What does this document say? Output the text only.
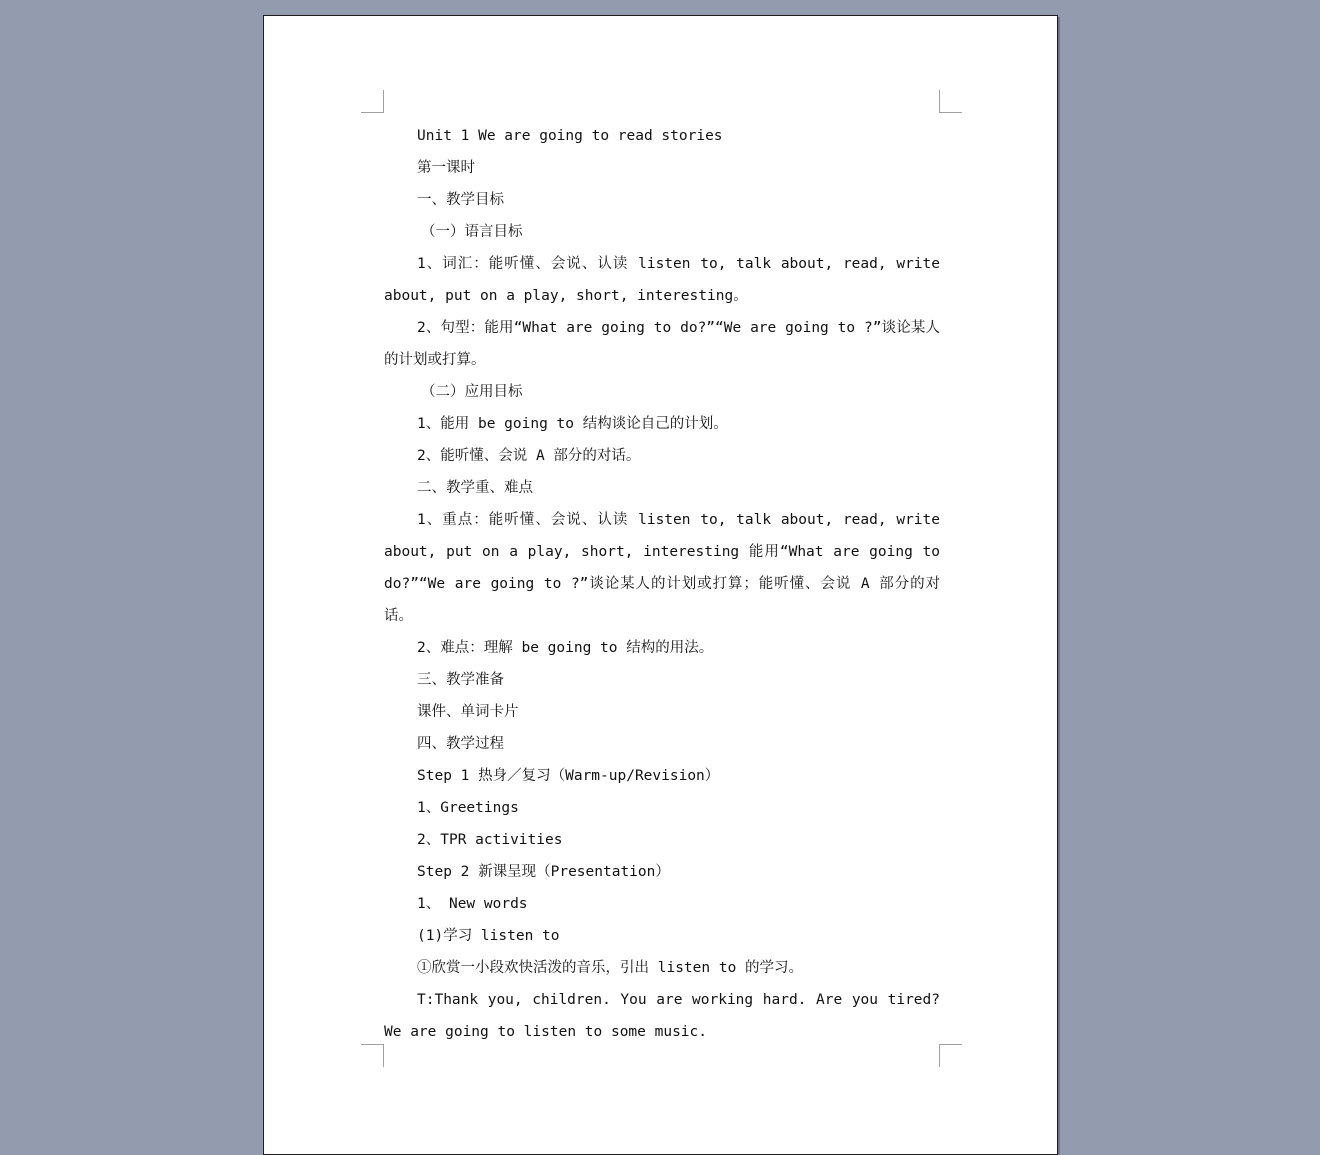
Unit 1 We are going to read stories

第一课时

一、教学目标

（一）语言目标

1、词汇：能听懂、会说、认读 listen to, talk about, read, write about, put on a play, short, interesting。

2、句型：能用“What are going to do?”“We are going to ?”谈论某人的计划或打算。

（二）应用目标

1、能用 be going to 结构谈论自己的计划。

2、能听懂、会说 A 部分的对话。

二、教学重、难点

1、重点：能听懂、会说、认读 listen to, talk about, read, write about, put on a play, short, interesting 能用“What are going to do?”“We are going to ?”谈论某人的计划或打算；能听懂、会说 A 部分的对话。

2、难点：理解 be going to 结构的用法。

三、教学准备

课件、单词卡片

四、教学过程

Step 1 热身／复习（Warm-up/Revision）

1、Greetings

2、TPR activities

Step 2 新课呈现（Presentation）

1、 New words

(1)学习 listen to

①欣赏一小段欢快活泼的音乐，引出 listen to 的学习。

T:Thank you, children. You are working hard. Are you tired? We are going to listen to some music.
